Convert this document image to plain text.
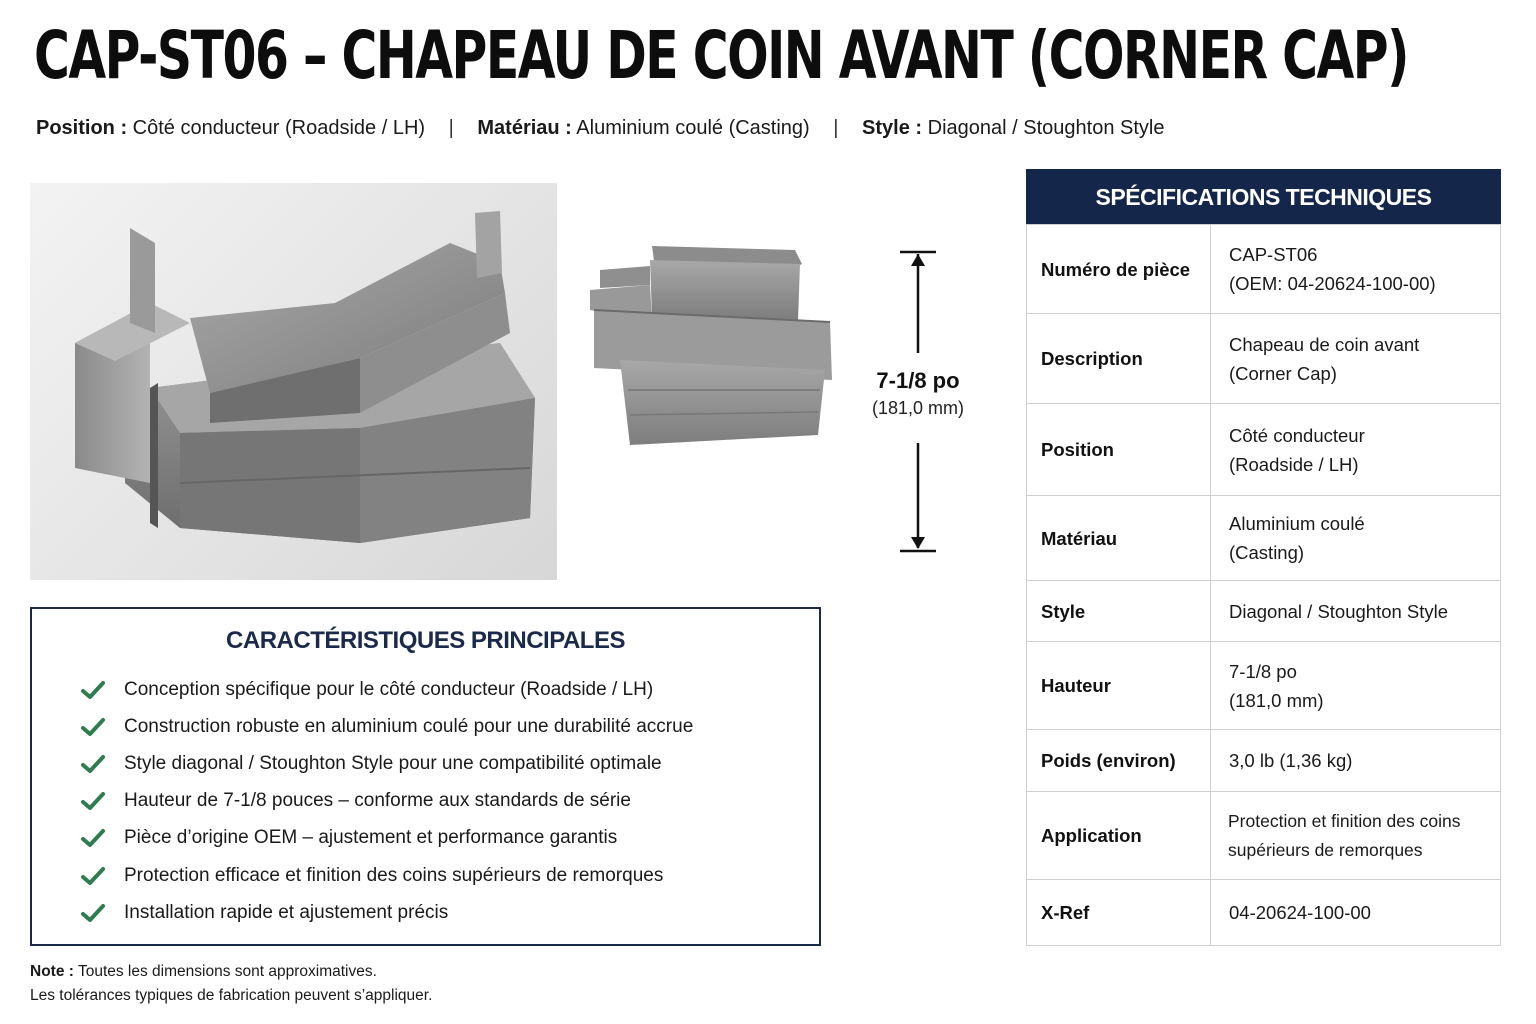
CAP-ST06 – CHAPEAU DE COIN AVANT (CORNER CAP)
Position : Côté conducteur (Roadside / LH) | Matériau : Aluminium coulé (Casting) | Style : Diagonal / Stoughton Style
7-1/8 po
(181,0 mm)
CARACTÉRISTIQUES PRINCIPALES
Conception spécifique pour le côté conducteur (Roadside / LH)
Construction robuste en aluminium coulé pour une durabilité accrue
Style diagonal / Stoughton Style pour une compatibilité optimale
Hauteur de 7-1/8 pouces – conforme aux standards de série
Pièce d’origine OEM – ajustement et performance garantis
Protection efficace et finition des coins supérieurs de remorques
Installation rapide et ajustement précis
Note : Toutes les dimensions sont approximatives.
Les tolérances typiques de fabrication peuvent s’appliquer.
SPÉCIFICATIONS TECHNIQUES
Numéro de pièce	CAP-ST06
(OEM: 04-20624-100-00)

Description	Chapeau de coin avant
(Corner Cap)

Position	Côté conducteur
(Roadside / LH)

Matériau	Aluminium coulé
(Casting)

Style	Diagonal / Stoughton Style
Hauteur	7-1/8 po
(181,0 mm)

Poids (environ)	3,0 lb (1,36 kg)
Application	Protection et finition des coins
supérieurs de remorques

X-Ref	04-20624-100-00
